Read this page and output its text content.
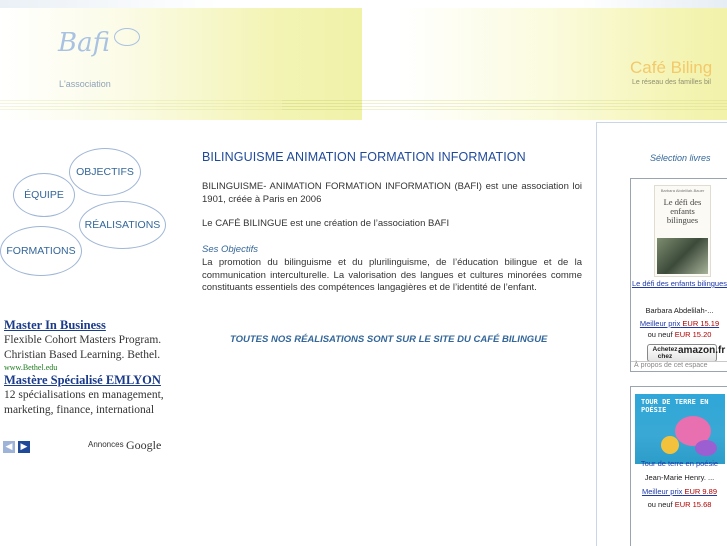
Bafi
L'association
Café Biling
Le réseau des familles bil
OBJECTIFS
ÉQUIPE
RÉALISATIONS
FORMATIONS
Master In Business
Flexible Cohort Masters Program. Christian Based Learning. Bethel.
www.Bethel.edu
Mastère Spécialisé EMLYON
12 spécialisations en management, marketing, finance, international
◀ ▶	Annonces Google
BILINGUISME ANIMATION FORMATION INFORMATION

BILINGUISME- ANIMATION FORMATION INFORMATION (BAFI) est une association loi 1901, créée à Paris en 2006

Le CAFÉ BILINGUE est une création de l’association BAFI

Ses Objectifs

La promotion du bilinguisme et du plurilinguisme, de l’éducation bilingue et de la communication interculturelle. La valorisation des langues et cultures minorées comme constituants essentiels des compétences langagières et de l’identité de l’enfant.

TOUTES NOS RÉALISATIONS SONT SUR LE SITE DU CAFÉ BILINGUE
Sélection livres
Barbara Abdelilah-Bauer
Le défi des enfants bilingues
Le défi des enfants bilingues
Barbara Abdelilah-...
Meilleur prix EUR 15.19
ou neuf EUR 15.20
Achetez chez
amazon.fr
À propos de cet espace
TOUR DE TERRE EN POÉSIE
Tour de terre en poésie
Jean-Marie Henry. ...
Meilleur prix EUR 9.89
ou neuf EUR 15.68
